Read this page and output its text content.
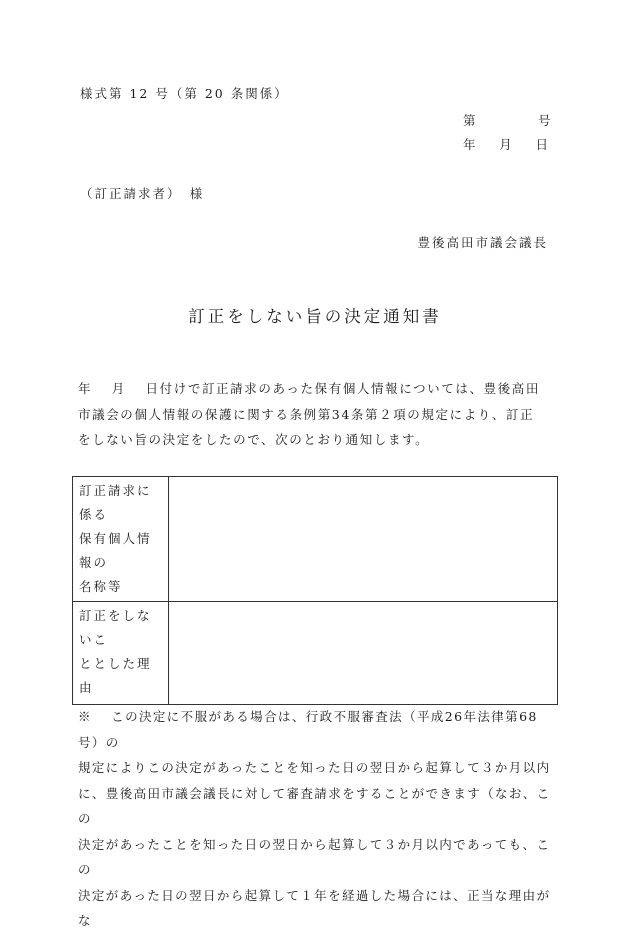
様式第 12 号（第 20 条関係）
第	号
年 月 日
（訂正請求者）　様
豊後高田市議会議長
訂正をしない旨の決定通知書
年　 月　 日付けで訂正請求のあった保有個人情報については、豊後高田
市議会の個人情報の保護に関する条例第34条第２項の規定により、訂正
をしない旨の決定をしたので、次のとおり通知します。
訂正請求に
係る
保有個人情
報の
名称等	

訂正をしな
いこ
ととした理
由	

※　 この決定に不服がある場合は、行政不服審査法（平成26年法律第68号）の
規定によりこの決定があったことを知った日の翌日から起算して３か月以内
に、豊後高田市議会議長に対して審査請求をすることができます（なお、この
決定があったことを知った日の翌日から起算して３か月以内であっても、この
決定があった日の翌日から起算して１年を経過した場合には、正当な理由がな
